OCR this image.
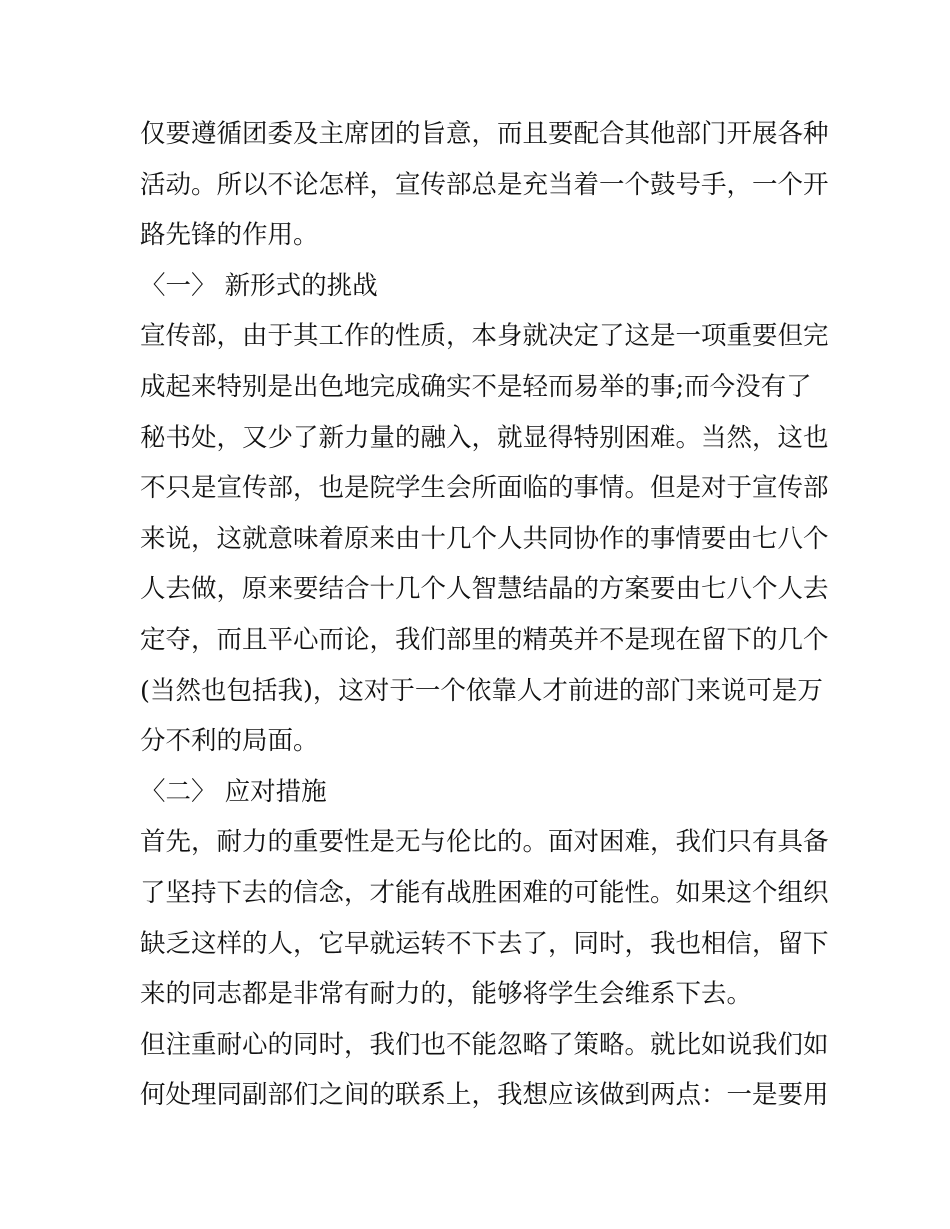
仅要遵循团委及主席团的旨意，而且要配合其他部门开展各种
活动。所以不论怎样，宣传部总是充当着一个鼓号手，一个开
路先锋的作用。
〈一〉 新形式的挑战
宣传部，由于其工作的性质，本身就决定了这是一项重要但完
成起来特别是出色地完成确实不是轻而易举的事;而今没有了
秘书处，又少了新力量的融入，就显得特别困难。当然，这也
不只是宣传部，也是院学生会所面临的事情。但是对于宣传部
来说，这就意味着原来由十几个人共同协作的事情要由七八个
人去做，原来要结合十几个人智慧结晶的方案要由七八个人去
定夺，而且平心而论，我们部里的精英并不是现在留下的几个
(当然也包括我)，这对于一个依靠人才前进的部门来说可是万
分不利的局面。
〈二〉 应对措施
首先，耐力的重要性是无与伦比的。面对困难，我们只有具备
了坚持下去的信念，才能有战胜困难的可能性。如果这个组织
缺乏这样的人，它早就运转不下去了，同时，我也相信，留下
来的同志都是非常有耐力的，能够将学生会维系下去。
但注重耐心的同时，我们也不能忽略了策略。就比如说我们如
何处理同副部们之间的联系上，我想应该做到两点：一是要用
